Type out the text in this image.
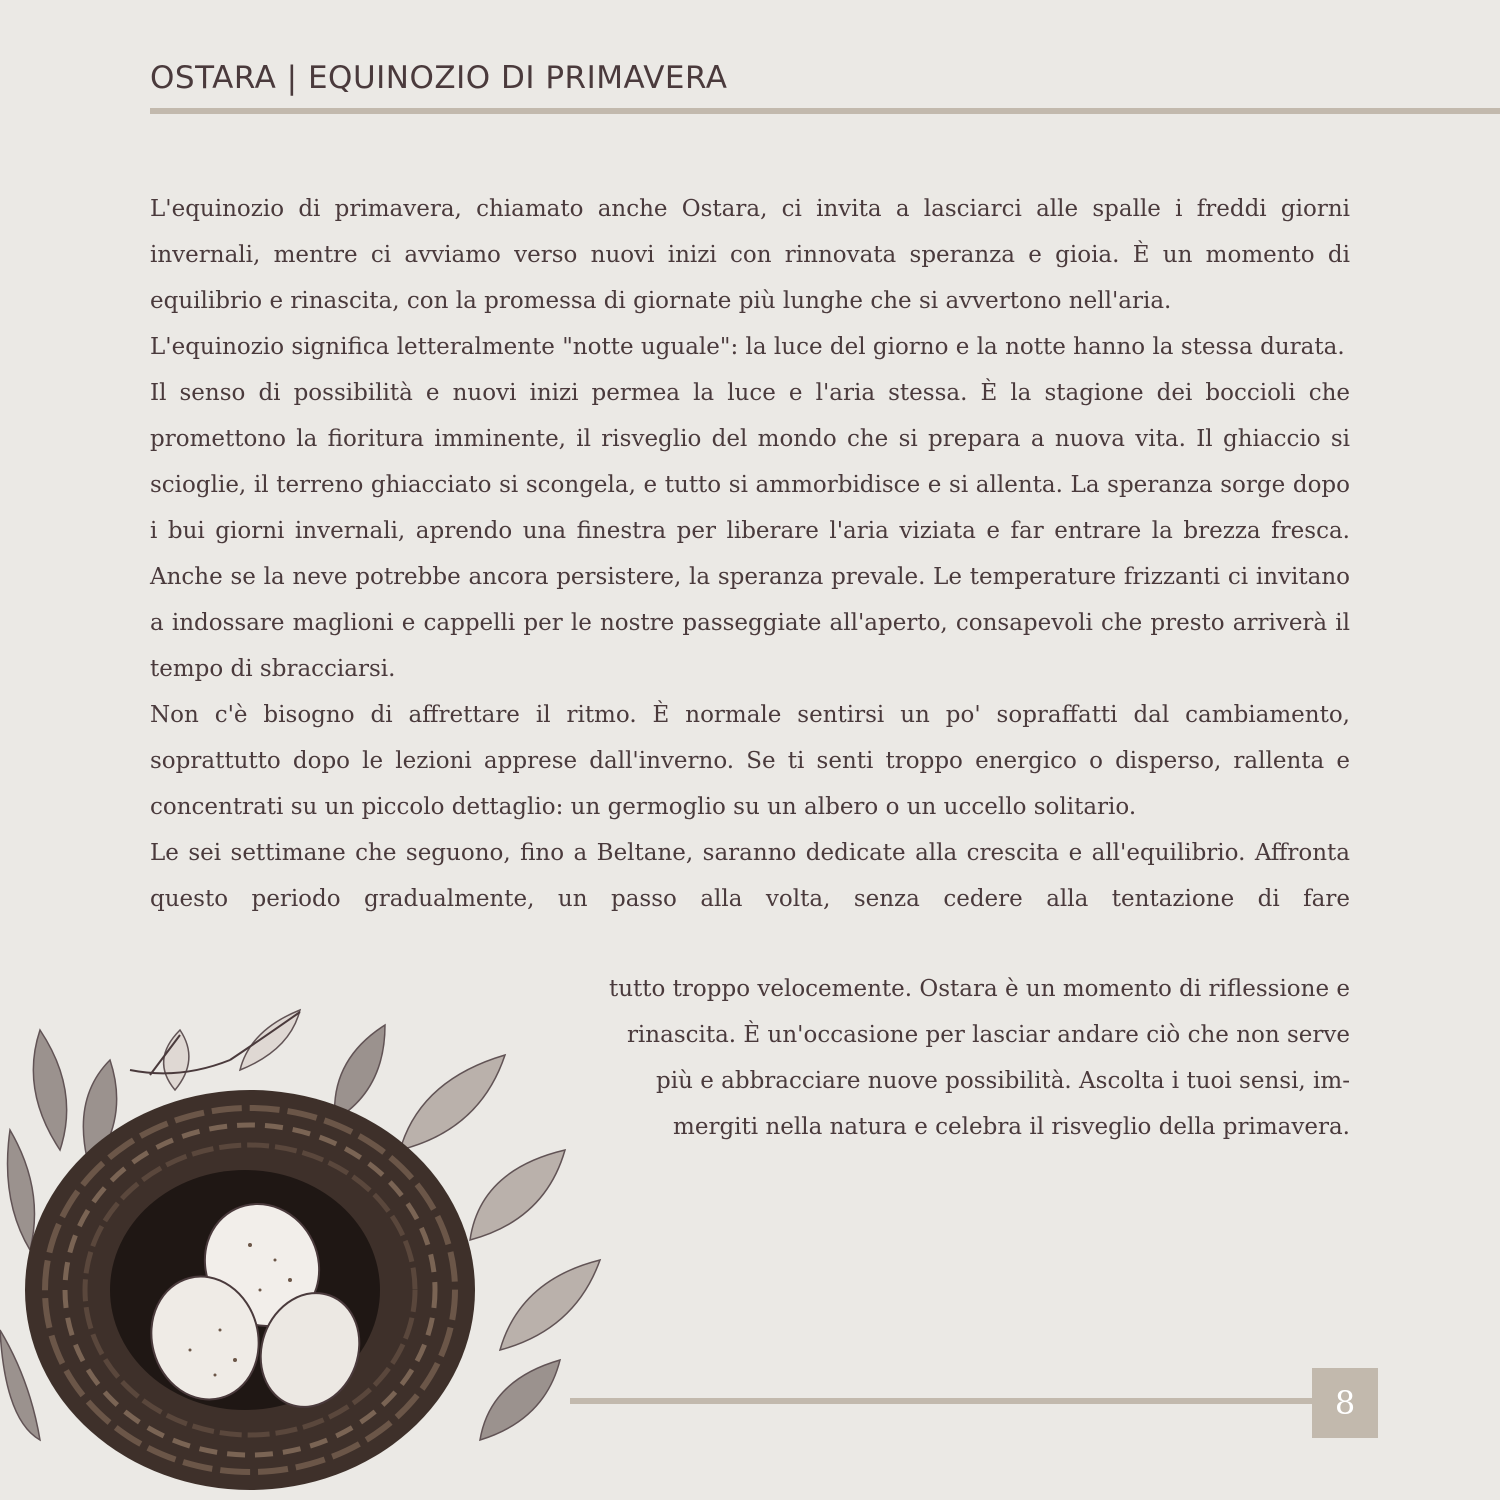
OSTARA | EQUINOZIO DI PRIMAVERA

L'equinozio di primavera, chiamato anche Ostara, ci invita a lasciarci alle spalle i freddi giorni invernali, mentre ci avviamo verso nuovi inizi con rinnovata speranza e gioia. È un momento di equilibrio e rinascita, con la promessa di giornate più lunghe che si avvertono nell'aria.

L'equinozio significa letteralmente "notte uguale": la luce del giorno e la notte hanno la stessa durata.

Il senso di possibilità e nuovi inizi permea la luce e l'aria stessa. È la stagione dei boccioli che promettono la fioritura imminente, il risveglio del mondo che si prepara a nuova vita. Il ghiaccio si scioglie, il terreno ghiacciato si scongela, e tutto si ammorbidisce e si allenta. La speranza sorge dopo i bui giorni invernali, aprendo una finestra per liberare l'aria viziata e far entrare la brezza fresca. Anche se la neve potrebbe ancora persistere, la speranza prevale. Le temperature frizzanti ci invitano a indossare maglioni e cappelli per le nostre passeggiate all'aperto, consapevoli che presto arriverà il tempo di sbracciarsi.

Non c'è bisogno di affrettare il ritmo. È normale sentirsi un po' sopraffatti dal cambiamento, soprattutto dopo le lezioni apprese dall'inverno. Se ti senti troppo energico o disperso, rallenta e concentrati su un piccolo dettaglio: un germoglio su un albero o un uccello solitario.

Le sei settimane che seguono, fino a Beltane, saranno dedicate alla crescita e all'equilibrio. Affronta questo periodo gradualmente, un passo alla volta, senza cedere alla tentazione di fare

tutto troppo velocemente. Ostara è un momento di riflessione e
rinascita. È un'occasione per lasciar andare ciò che non serve
più e abbracciare nuove possibilità. Ascolta i tuoi sensi, im-
mergiti nella natura e celebra il risveglio della primavera.
8
